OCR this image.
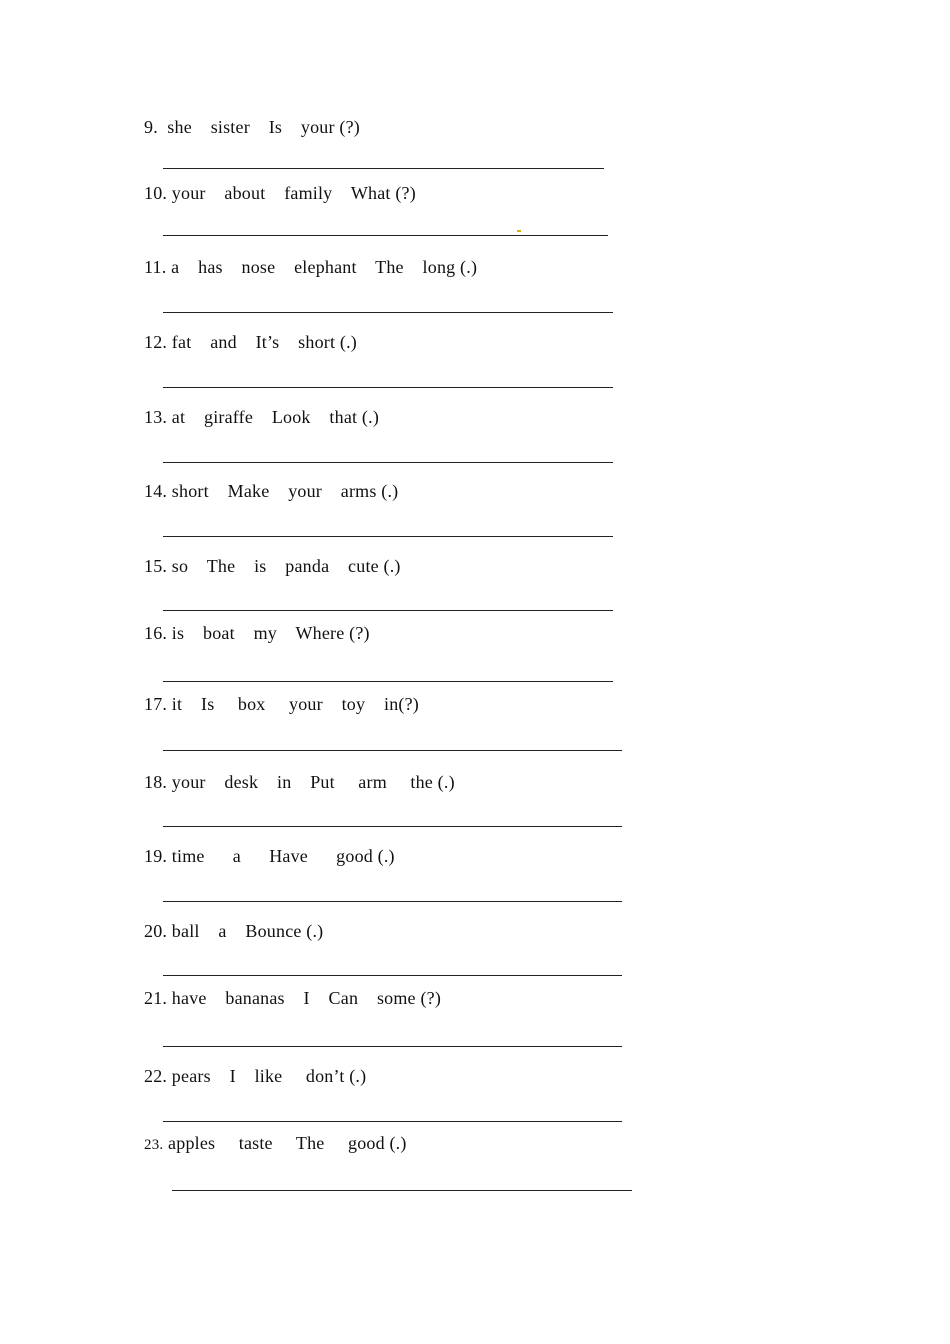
9.  she    sister    Is    your (?)
10. your    about    family    What (?)
11. a    has    nose    elephant    The    long (.)
12. fat    and    It’s    short (.)
13. at    giraffe    Look    that (.)
14. short    Make    your    arms (.)
15. so    The    is    panda    cute (.)
16. is    boat    my    Where (?)
17. it    Is     box     your    toy    in(?)
18. your    desk    in    Put     arm     the (.)
19. time      a      Have      good (.)
20. ball    a    Bounce (.)
21. have    bananas    I    Can    some (?)
22. pears    I    like     don’t (.)
23. apples     taste     The     good (.)
